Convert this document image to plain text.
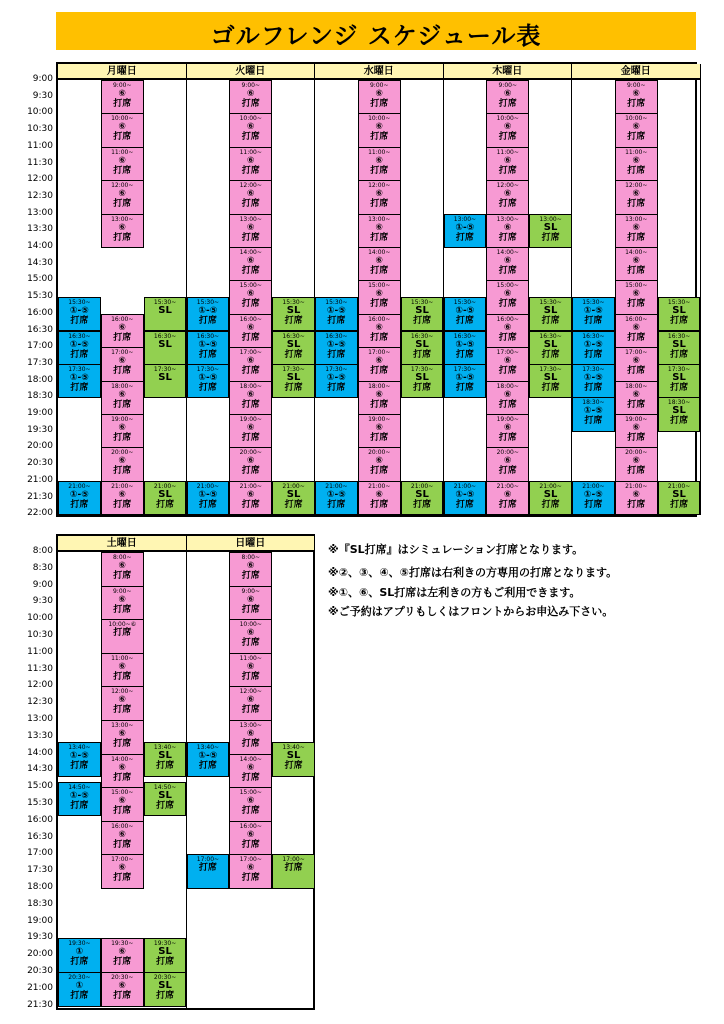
ゴルフレンジ スケジュール表
月曜日
9:00~
⑥
打席
10:00~
⑥
打席
11:00~
⑥
打席
12:00~
⑥
打席
13:00~
⑥
打席
15:30~
①-⑤
打席
16:30~
①-⑤
打席
17:30~
①-⑤
打席
16:00~
⑥
打席
17:00~
⑥
打席
18:00~
⑥
打席
19:00~
⑥
打席
20:00~
⑥
打席
15:30~
SL
16:30~
SL
17:30~
SL
21:00~
①-⑤
打席
21:00~
⑥
打席
21:00~
SL
打席
火曜日
9:00~
⑥
打席
10:00~
⑥
打席
11:00~
⑥
打席
12:00~
⑥
打席
13:00~
⑥
打席
14:00~
⑥
打席
15:00~
⑥
打席
16:00~
⑥
打席
17:00~
⑥
打席
18:00~
⑥
打席
19:00~
⑥
打席
20:00~
⑥
打席
15:30~
①-⑤
打席
16:30~
①-⑤
打席
17:30~
①-⑤
打席
15:30~
SL
打席
16:30~
SL
打席
17:30~
SL
打席
21:00~
①-⑤
打席
21:00~
⑥
打席
21:00~
SL
打席
水曜日
9:00~
⑥
打席
10:00~
⑥
打席
11:00~
⑥
打席
12:00~
⑥
打席
13:00~
⑥
打席
14:00~
⑥
打席
15:00~
⑥
打席
16:00~
⑥
打席
17:00~
⑥
打席
18:00~
⑥
打席
19:00~
⑥
打席
20:00~
⑥
打席
15:30~
①-⑤
打席
16:30~
①-⑤
打席
17:30~
①-⑤
打席
15:30~
SL
打席
16:30~
SL
打席
17:30~
SL
打席
21:00~
①-⑤
打席
21:00~
⑥
打席
21:00~
SL
打席
木曜日
9:00~
⑥
打席
10:00~
⑥
打席
11:00~
⑥
打席
12:00~
⑥
打席
13:00~
①-⑤
打席
13:00~
⑥
打席
13:00~
SL
打席
14:00~
⑥
打席
15:00~
⑥
打席
16:00~
⑥
打席
17:00~
⑥
打席
18:00~
⑥
打席
19:00~
⑥
打席
20:00~
⑥
打席
15:30~
①-⑤
打席
16:30~
①-⑤
打席
17:30~
①-⑤
打席
15:30~
SL
打席
16:30~
SL
打席
17:30~
SL
打席
21:00~
①-⑤
打席
21:00~
⑥
打席
21:00~
SL
打席
金曜日
9:00~
⑥
打席
10:00~
⑥
打席
11:00~
⑥
打席
12:00~
⑥
打席
13:00~
⑥
打席
14:00~
⑥
打席
15:00~
⑥
打席
16:00~
⑥
打席
17:00~
⑥
打席
18:00~
⑥
打席
19:00~
⑥
打席
20:00~
⑥
打席
15:30~
①-⑤
打席
16:30~
①-⑤
打席
17:30~
①-⑤
打席
18:30~
①-⑤
打席
15:30~
SL
打席
16:30~
SL
打席
17:30~
SL
打席
18:30~
SL
打席
21:00~
①-⑤
打席
21:00~
⑥
打席
21:00~
SL
打席
土曜日
8:00~
⑥
打席
9:00~
⑥
打席
10:00~⑥
打席
11:00~
⑥
打席
12:00~
⑥
打席
13:00~
⑥
打席
14:00~
⑥
打席
15:00~
⑥
打席
16:00~
⑥
打席
17:00~
⑥
打席
13:40~
①-⑤
打席
13:40~
SL
打席
14:50~
①-⑤
打席
14:50~
SL
打席
19:30~
①
打席
19:30~
⑥
打席
19:30~
SL
打席
20:30~
①
打席
20:30~
⑥
打席
20:30~
SL
打席
日曜日
8:00~
⑥
打席
9:00~
⑥
打席
10:00~
⑥
打席
11:00~
⑥
打席
12:00~
⑥
打席
13:00~
⑥
打席
14:00~
⑥
打席
15:00~
⑥
打席
16:00~
⑥
打席
17:00~
⑥
打席
13:40~
①-⑤
打席
13:40~
SL
打席
17:00~
打席
17:00~
打席
※『SL打席』はシミュレーション打席となります。
※②、③、④、⑤打席は右利きの方専用の打席となります。
※①、⑥、SL打席は左利きの方もご利用できます。
※ご予約はアプリもしくはフロントからお申込み下さい。
9:00
9:30
10:00
10:30
11:00
11:30
12:00
12:30
13:00
13:30
14:00
14:30
15:00
15:30
16:00
16:30
17:00
17:30
18:00
18:30
19:00
19:30
20:00
20:30
21:00
21:30
22:00
8:00
8:30
9:00
9:30
10:00
10:30
11:00
11:30
12:00
12:30
13:00
13:30
14:00
14:30
15:00
15:30
16:00
16:30
17:00
17:30
18:00
18:30
19:00
19:30
20:00
20:30
21:00
21:30
